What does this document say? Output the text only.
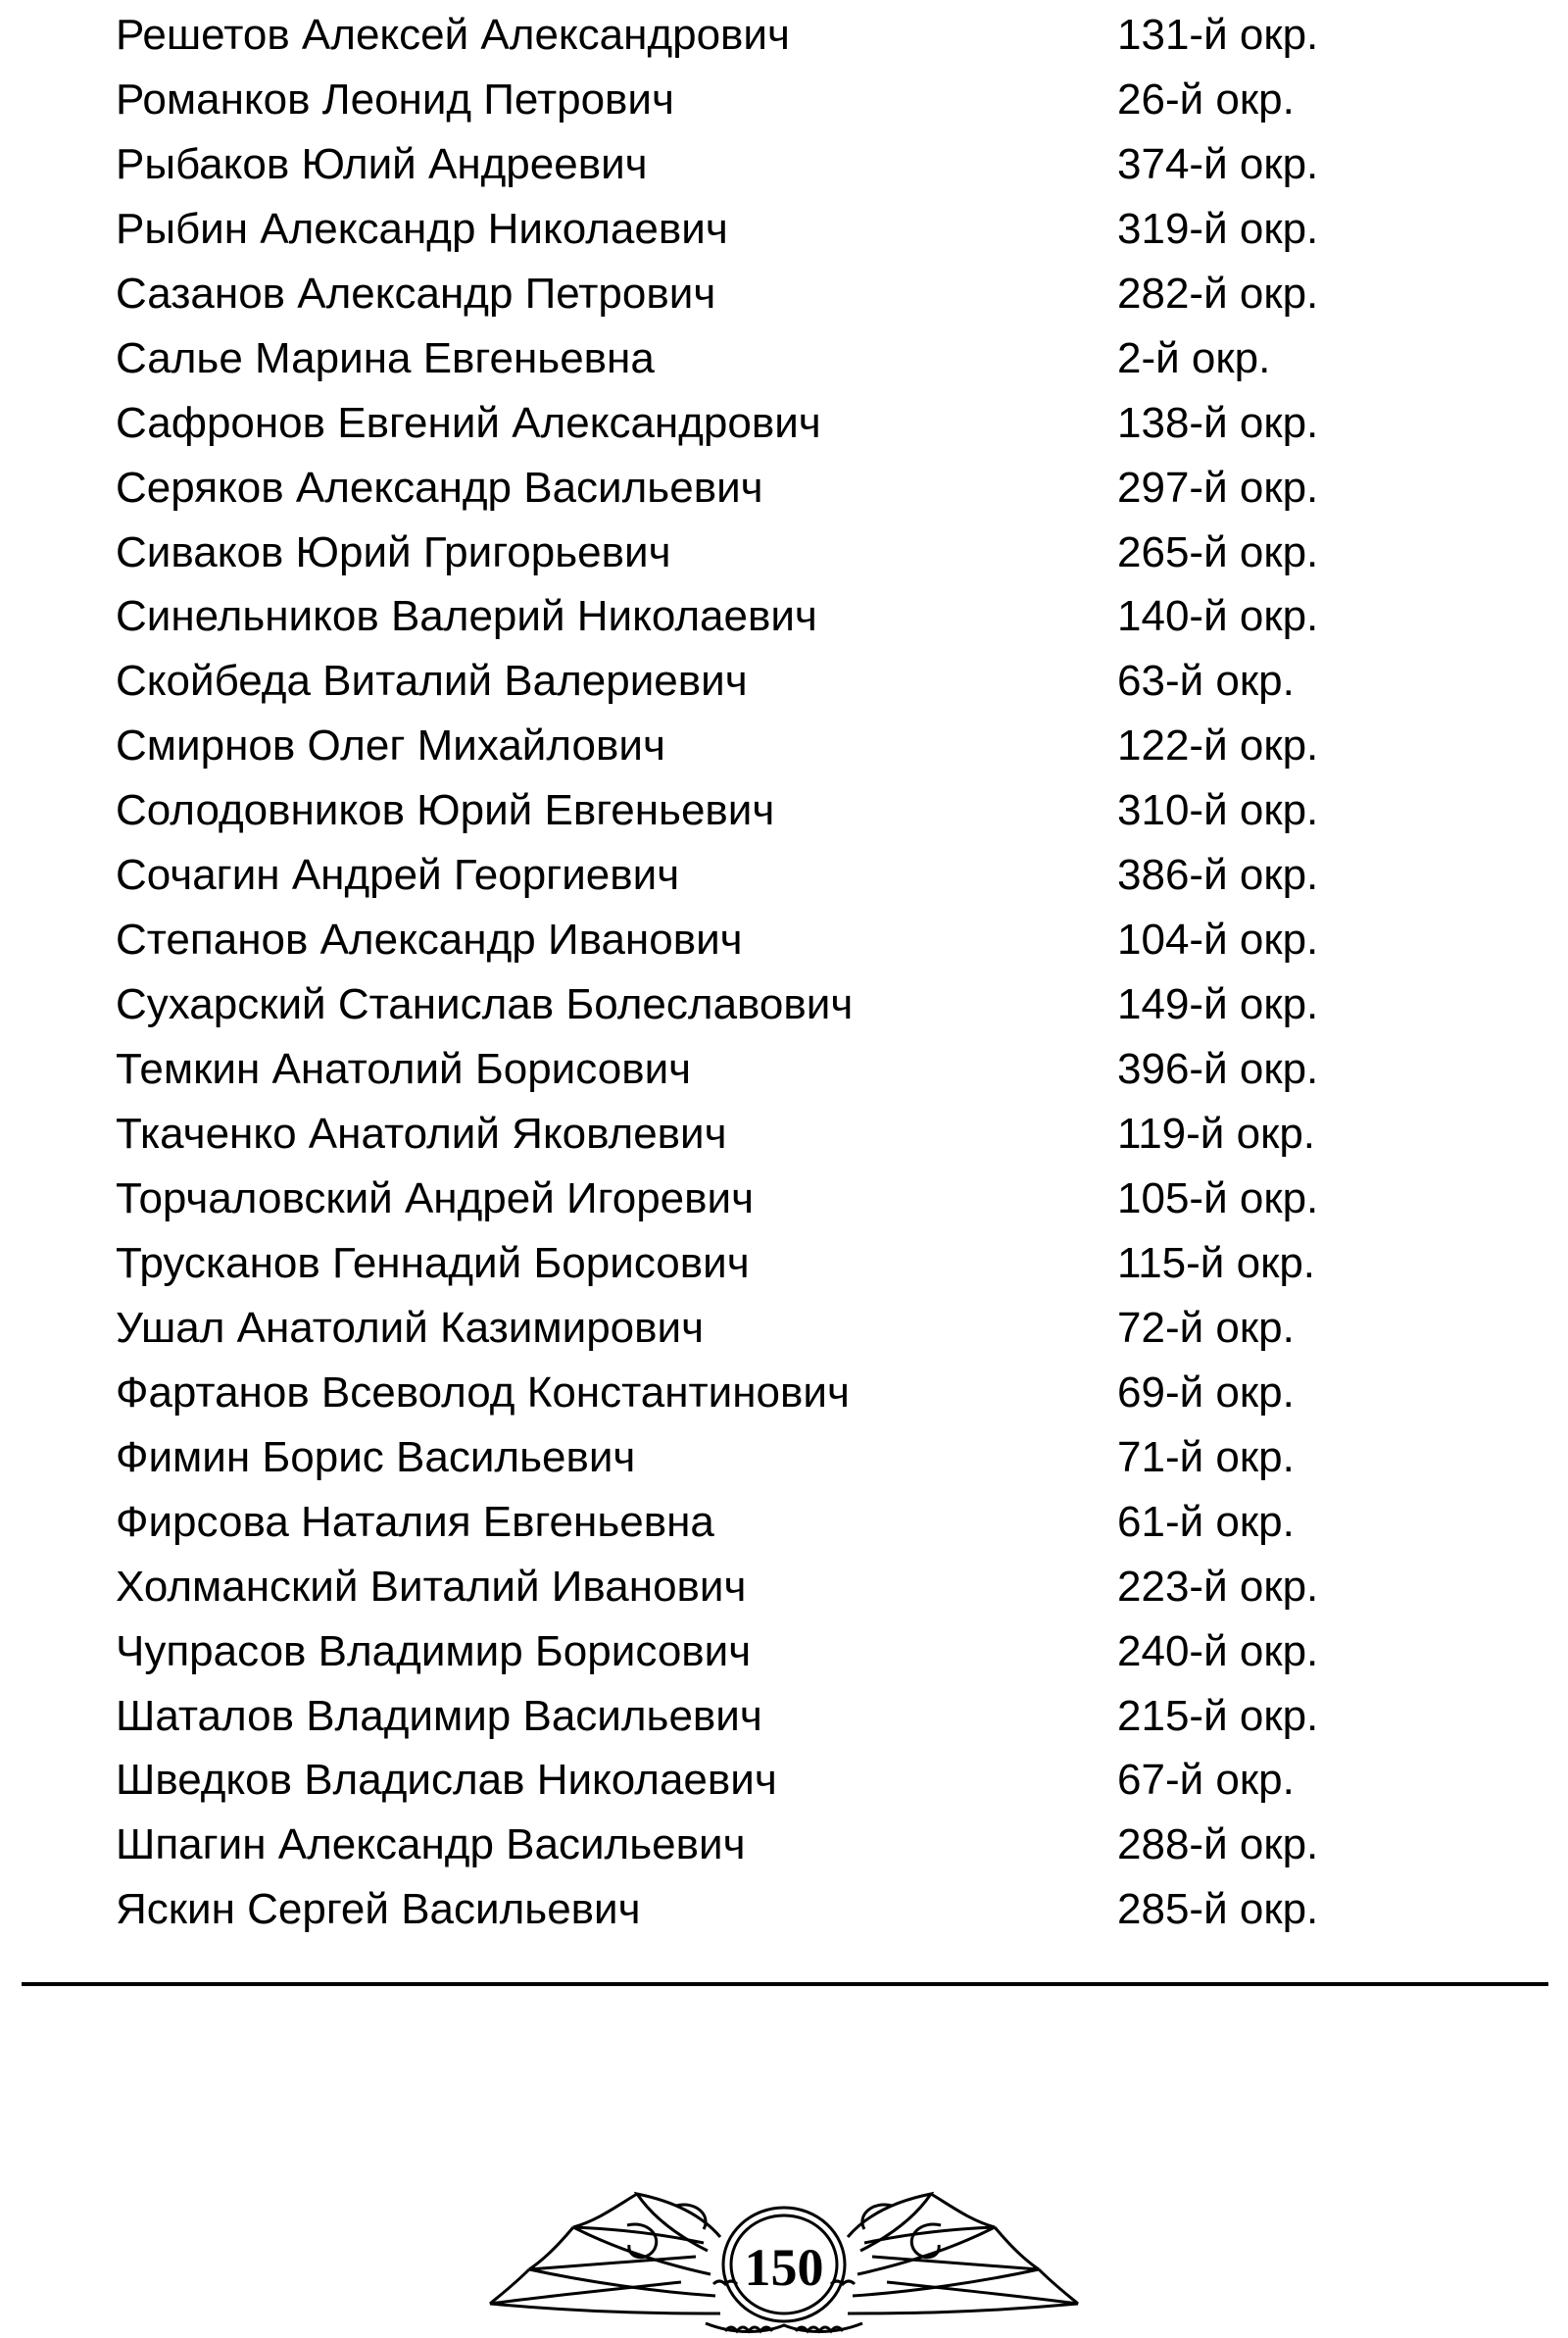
Решетов Алексей Александрович	131-й окр.
Романков Леонид Петрович	26-й окр.
Рыбаков Юлий Андреевич	374-й окр.
Рыбин Александр Николаевич	319-й окр.
Сазанов Александр Петрович	282-й окр.
Салье Марина Евгеньевна	2-й окр.
Сафронов Евгений Александрович	138-й окр.
Серяков Александр Васильевич	297-й окр.
Сиваков Юрий Григорьевич	265-й окр.
Синельников Валерий Николаевич	140-й окр.
Скойбеда Виталий Валериевич	63-й окр.
Смирнов Олег Михайлович	122-й окр.
Солодовников Юрий Евгеньевич	310-й окр.
Сочагин Андрей Георгиевич	386-й окр.
Степанов Александр Иванович	104-й окр.
Сухарский Станислав Болеславович	149-й окр.
Темкин Анатолий Борисович	396-й окр.
Ткаченко Анатолий Яковлевич	119-й окр.
Торчаловский Андрей Игоревич	105-й окр.
Трусканов Геннадий Борисович	115-й окр.
Ушал Анатолий Казимирович	72-й окр.
Фартанов Всеволод Константинович	69-й окр.
Фимин Борис Васильевич	71-й окр.
Фирсова Наталия Евгеньевна	61-й окр.
Холманский Виталий Иванович	223-й окр.
Чупрасов Владимир Борисович	240-й окр.
Шаталов Владимир Васильевич	215-й окр.
Шведков Владислав Николаевич	67-й окр.
Шпагин Александр Васильевич	288-й окр.
Яскин Сергей Васильевич	285-й окр.
150
